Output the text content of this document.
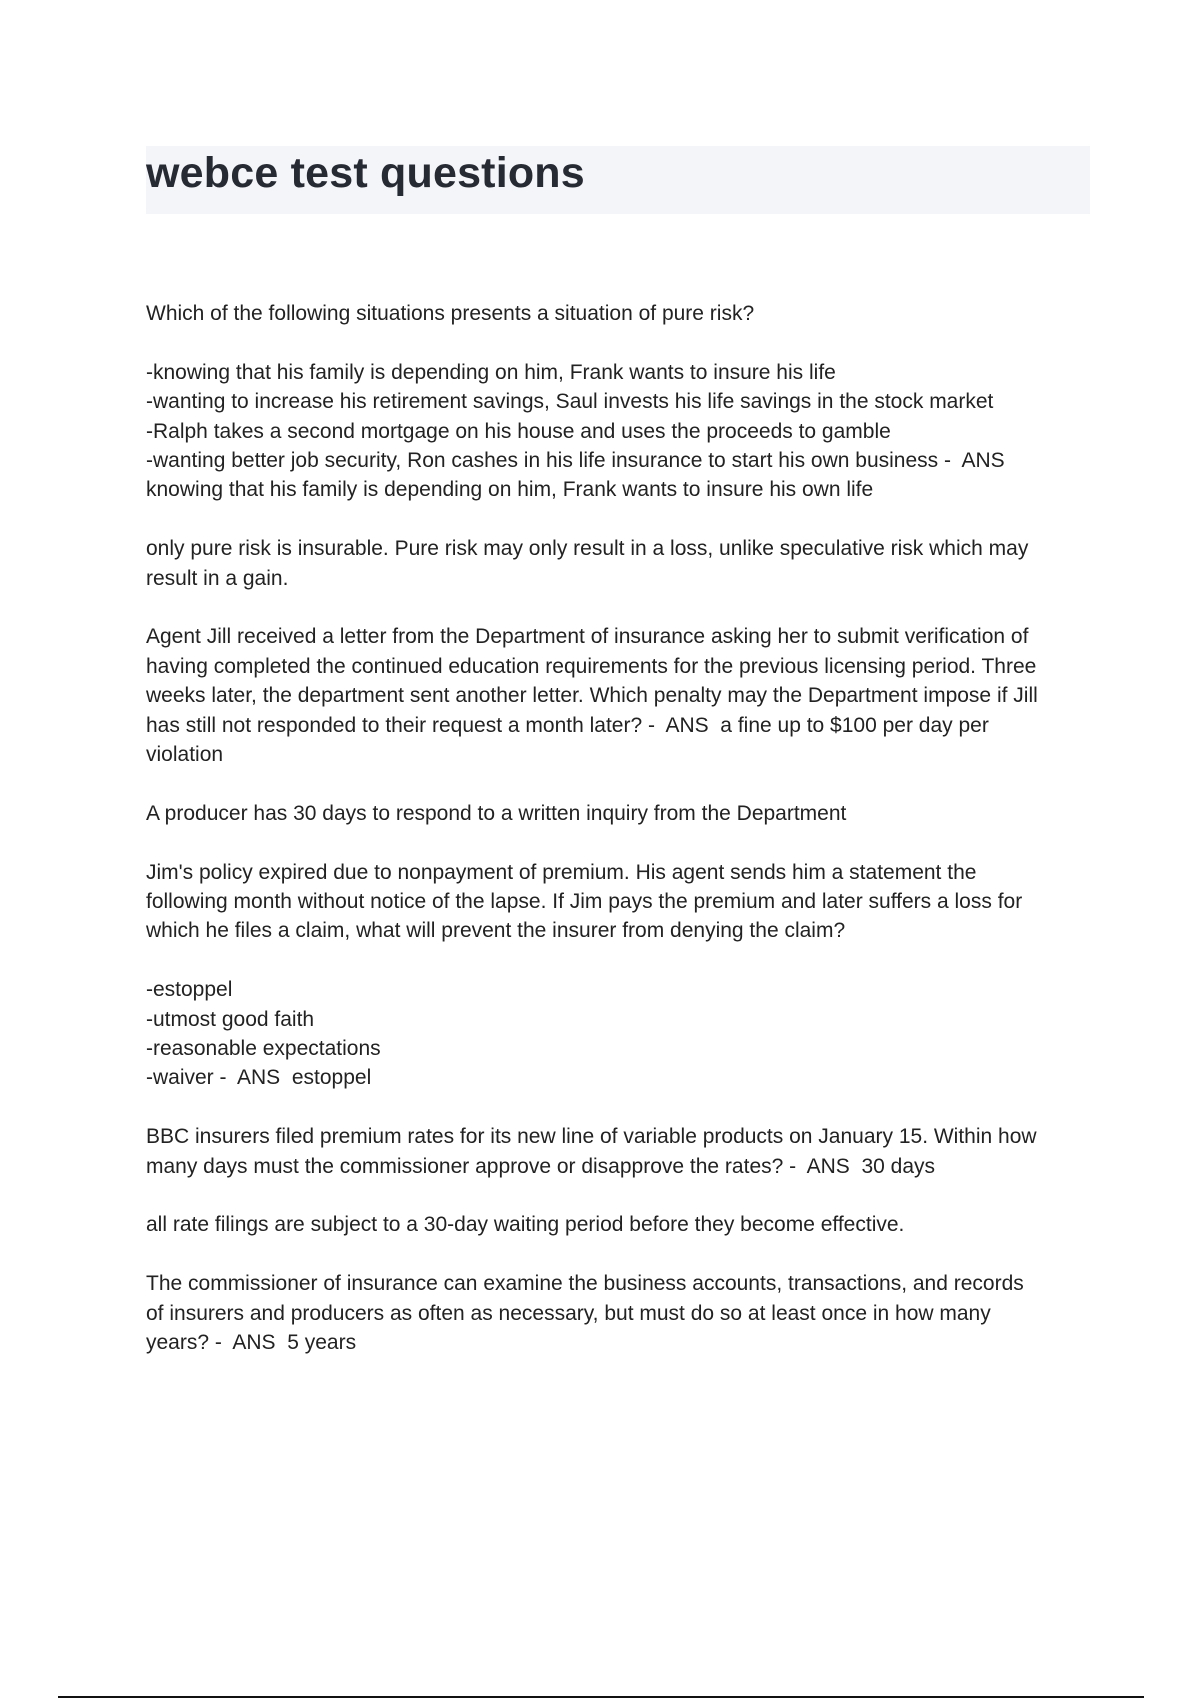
webce test questions

Which of the following situations presents a situation of pure risk?

-knowing that his family is depending on him, Frank wants to insure his life
-wanting to increase his retirement savings, Saul invests his life savings in the stock market
-Ralph takes a second mortgage on his house and uses the proceeds to gamble
-wanting better job security, Ron cashes in his life insurance to start his own business -  ANS
knowing that his family is depending on him, Frank wants to insure his own life

only pure risk is insurable. Pure risk may only result in a loss, unlike speculative risk which may
result in a gain.

Agent Jill received a letter from the Department of insurance asking her to submit verification of
having completed the continued education requirements for the previous licensing period. Three
weeks later, the department sent another letter. Which penalty may the Department impose if Jill
has still not responded to their request a month later? -  ANS  a fine up to $100 per day per
violation

A producer has 30 days to respond to a written inquiry from the Department

Jim's policy expired due to nonpayment of premium. His agent sends him a statement the
following month without notice of the lapse. If Jim pays the premium and later suffers a loss for
which he files a claim, what will prevent the insurer from denying the claim?

-estoppel
-utmost good faith
-reasonable expectations
-waiver -  ANS  estoppel

BBC insurers filed premium rates for its new line of variable products on January 15. Within how
many days must the commissioner approve or disapprove the rates? -  ANS  30 days

all rate filings are subject to a 30-day waiting period before they become effective.

The commissioner of insurance can examine the business accounts, transactions, and records
of insurers and producers as often as necessary, but must do so at least once in how many
years? -  ANS  5 years
